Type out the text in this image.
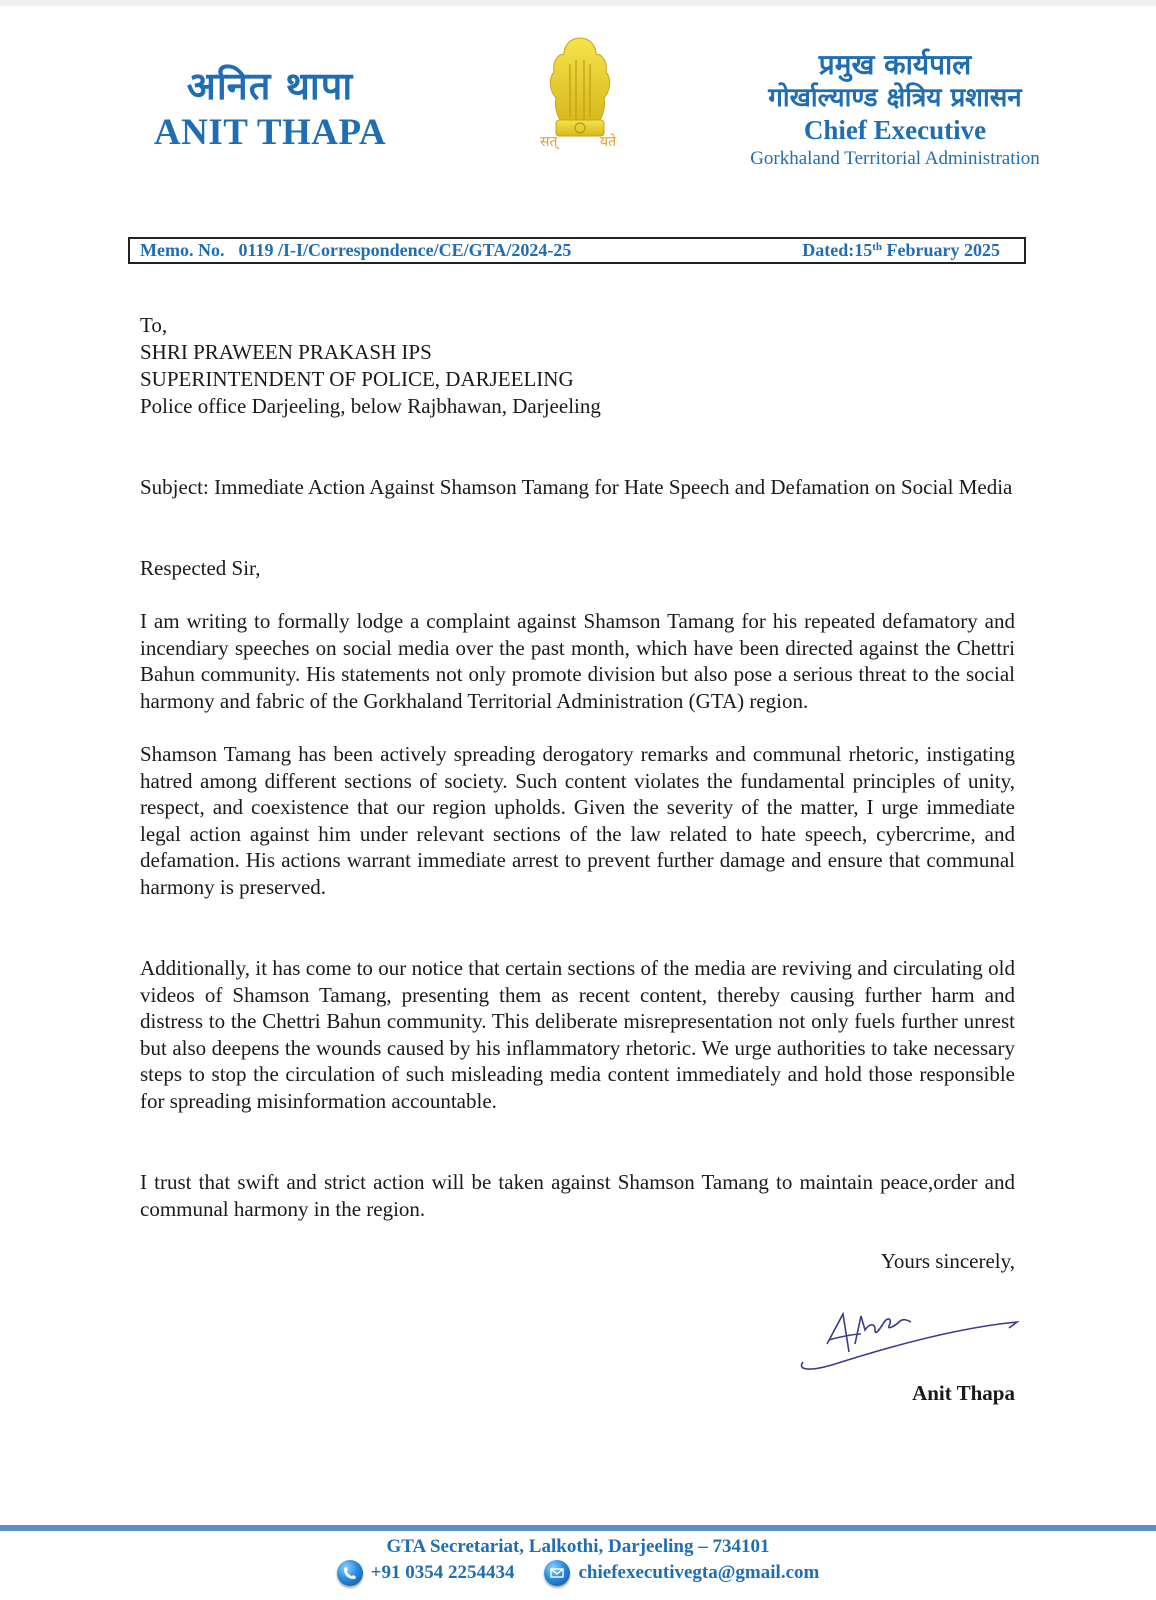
अनित थापा
ANIT THAPA	सत्	यते
प्रमुख कार्यपाल
गोर्खाल्याण्ड क्षेत्रिय प्रशासन
Chief Executive
Gorkhaland Territorial Administration
Memo. No. 0119 /I-I/Correspondence/CE/GTA/2024-25	Dated:15th February 2025
To,
SHRI PRAWEEN PRAKASH IPS
SUPERINTENDENT OF POLICE, DARJEELING
Police office Darjeeling, below Rajbhawan, Darjeeling
Subject: Immediate Action Against Shamson Tamang for Hate Speech and Defamation on Social Media
Respected Sir,
I am writing to formally lodge a complaint against Shamson Tamang for his repeated defamatory and incendiary speeches on social media over the past month, which have been directed against the Chettri Bahun community. His statements not only promote division but also pose a serious threat to the social harmony and fabric of the Gorkhaland Territorial Administration (GTA) region.
Shamson Tamang has been actively spreading derogatory remarks and communal rhetoric, instigating hatred among different sections of society. Such content violates the fundamental principles of unity, respect, and coexistence that our region upholds. Given the severity of the matter, I urge immediate legal action against him under relevant sections of the law related to hate speech, cybercrime, and defamation. His actions warrant immediate arrest to prevent further damage and ensure that communal harmony is preserved.
Additionally, it has come to our notice that certain sections of the media are reviving and circulating old videos of Shamson Tamang, presenting them as recent content, thereby causing further harm and distress to the Chettri Bahun community. This deliberate misrepresentation not only fuels further unrest but also deepens the wounds caused by his inflammatory rhetoric. We urge authorities to take necessary steps to stop the circulation of such misleading media content immediately and hold those responsible for spreading misinformation accountable.
I trust that swift and strict action will be taken against Shamson Tamang to maintain peace,order and communal harmony in the region.
Yours sincerely,
Anit Thapa
GTA Secretariat, Lalkothi, Darjeeling – 734101
+91 0354 2254434	chiefexecutivegta@gmail.com
